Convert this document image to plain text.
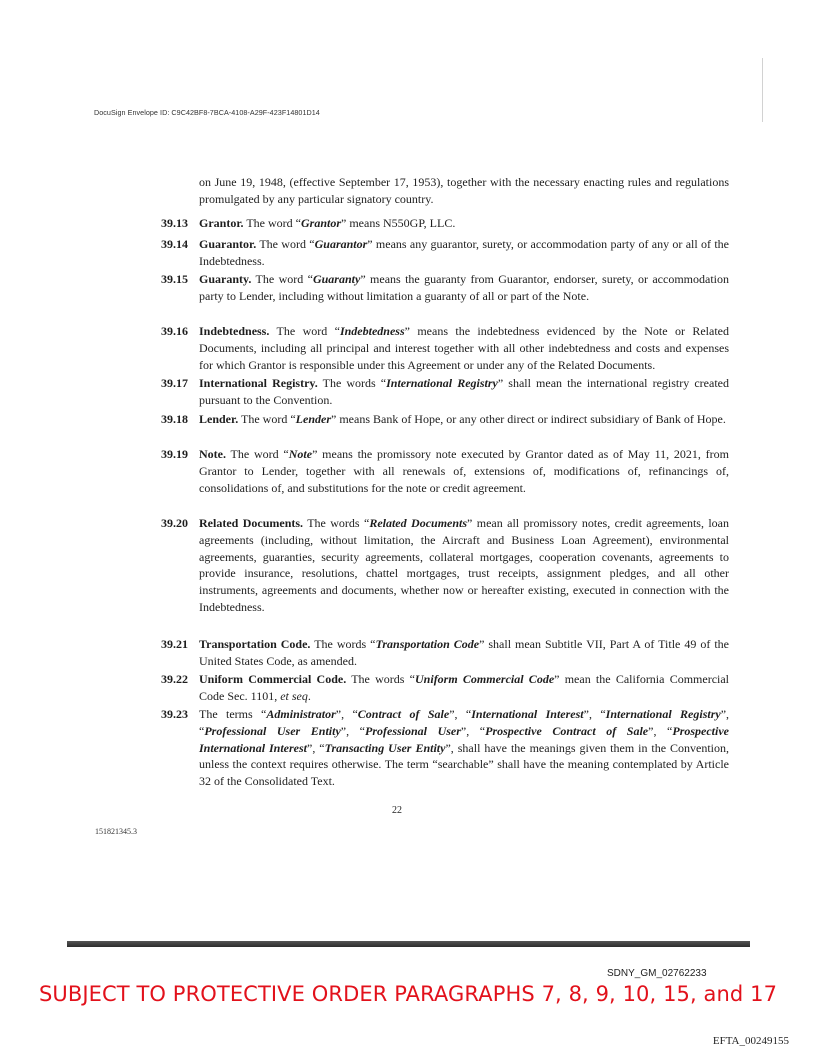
DocuSign Envelope ID: C9C42BF8-7BCA-4108-A29F-423F14801D14
on June 19, 1948, (effective September 17, 1953), together with the necessary enacting rules and regulations promulgated by any particular signatory country.
39.13 Grantor. The word “Grantor” means N550GP, LLC.
39.14 Guarantor. The word “Guarantor” means any guarantor, surety, or accommodation party of any or all of the Indebtedness.
39.15 Guaranty. The word “Guaranty” means the guaranty from Guarantor, endorser, surety, or accommodation party to Lender, including without limitation a guaranty of all or part of the Note.
39.16 Indebtedness. The word “Indebtedness” means the indebtedness evidenced by the Note or Related Documents, including all principal and interest together with all other indebtedness and costs and expenses for which Grantor is responsible under this Agreement or under any of the Related Documents.
39.17 International Registry. The words “International Registry” shall mean the international registry created pursuant to the Convention.
39.18 Lender. The word “Lender” means Bank of Hope, or any other direct or indirect subsidiary of Bank of Hope.
39.19 Note. The word “Note” means the promissory note executed by Grantor dated as of May 11, 2021, from Grantor to Lender, together with all renewals of, extensions of, modifications of, refinancings of, consolidations of, and substitutions for the note or credit agreement.
39.20 Related Documents. The words “Related Documents” mean all promissory notes, credit agreements, loan agreements (including, without limitation, the Aircraft and Business Loan Agreement), environmental agreements, guaranties, security agreements, collateral mortgages, cooperation covenants, agreements to provide insurance, resolutions, chattel mortgages, trust receipts, assignment pledges, and all other instruments, agreements and documents, whether now or hereafter existing, executed in connection with the Indebtedness.
39.21 Transportation Code. The words “Transportation Code” shall mean Subtitle VII, Part A of Title 49 of the United States Code, as amended.
39.22 Uniform Commercial Code. The words “Uniform Commercial Code” mean the California Commercial Code Sec. 1101, et seq.
39.23 The terms “Administrator”, “Contract of Sale”, “International Interest”, “International Registry”, “Professional User Entity”, “Professional User”, “Prospective Contract of Sale”, “Prospective International Interest”, “Transacting User Entity”, shall have the meanings given them in the Convention, unless the context requires otherwise. The term “searchable” shall have the meaning contemplated by Article 32 of the Consolidated Text.
22
151821345.3
SDNY_GM_02762233
SUBJECT TO PROTECTIVE ORDER PARAGRAPHS 7, 8, 9, 10, 15, and 17
EFTA_00249155
